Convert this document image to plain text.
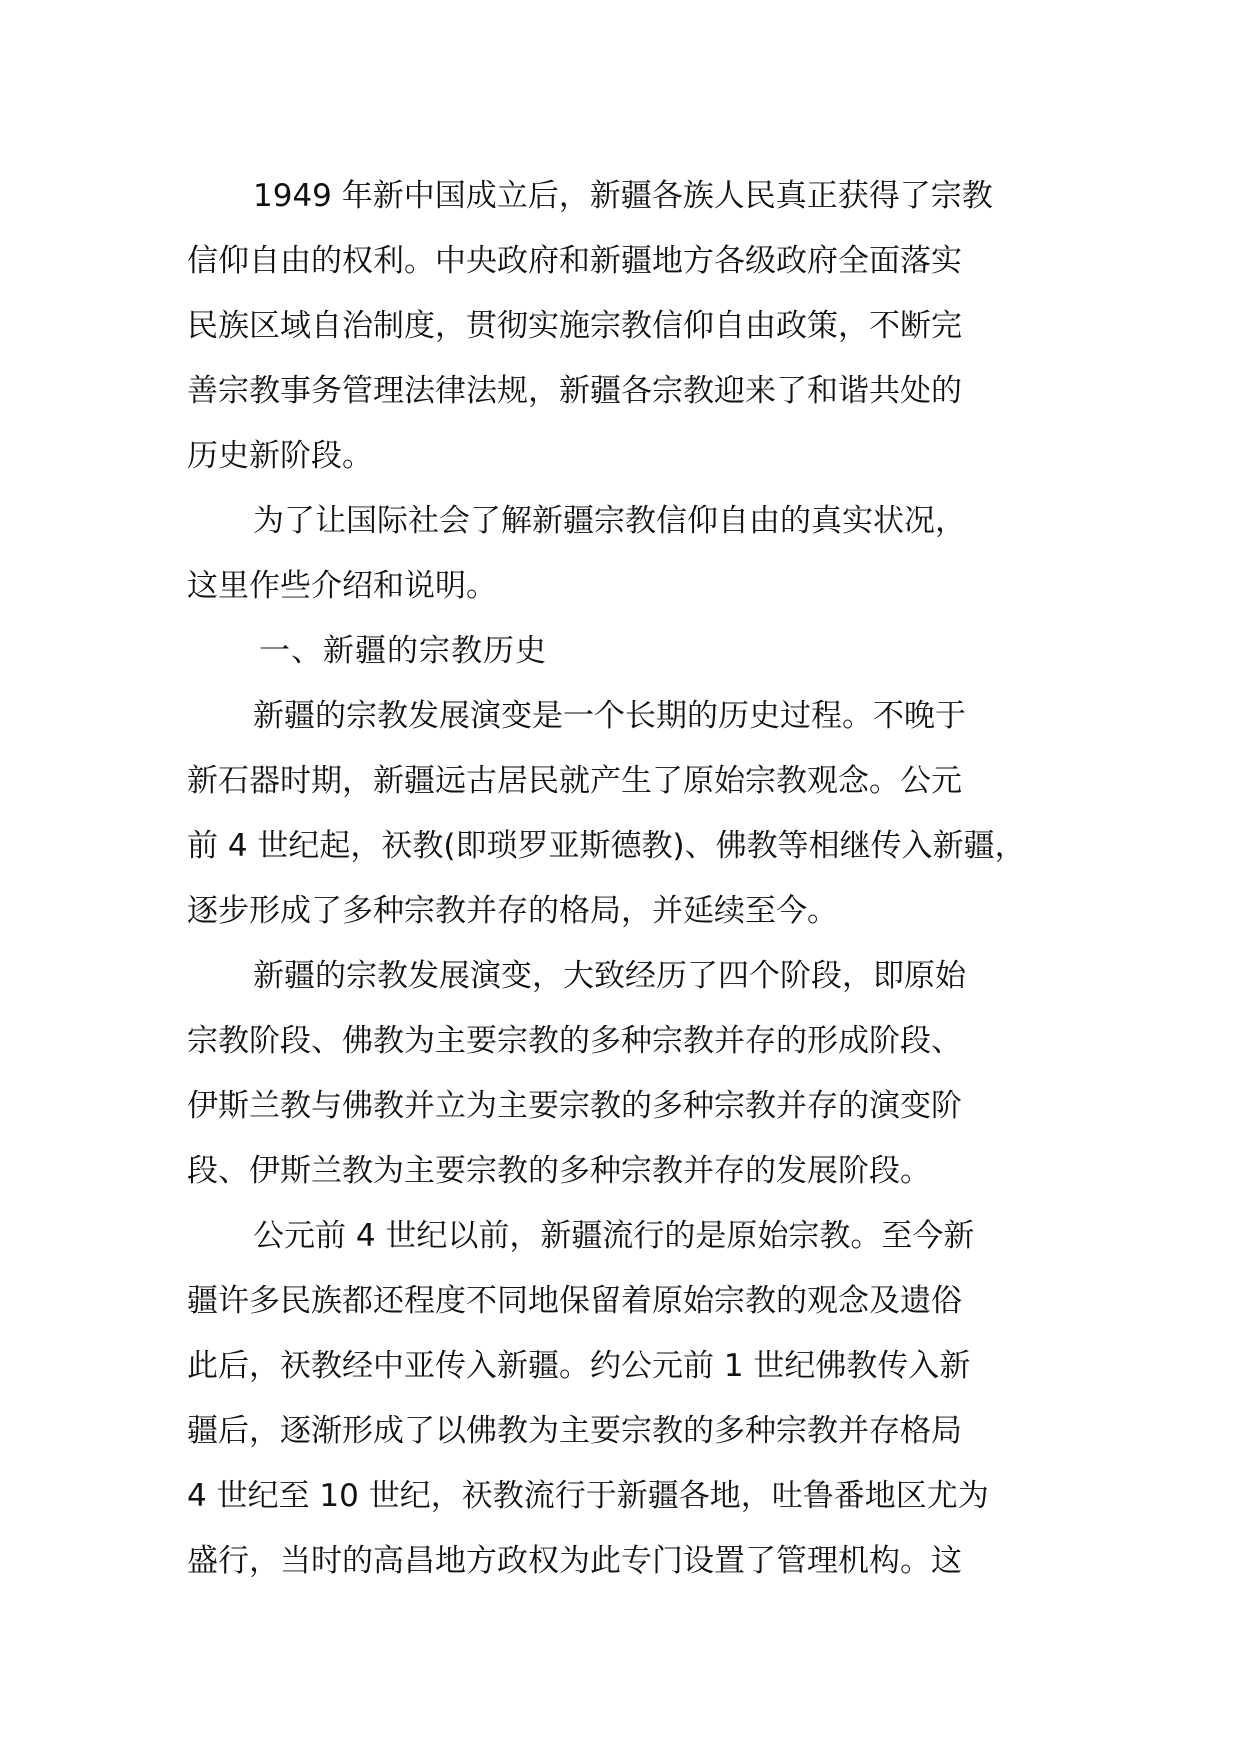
1949 年新中国成立后，新疆各族人民真正获得了宗教
信仰自由的权利。中央政府和新疆地方各级政府全面落实
民族区域自治制度，贯彻实施宗教信仰自由政策，不断完
善宗教事务管理法律法规，新疆各宗教迎来了和谐共处的
历史新阶段。
为了让国际社会了解新疆宗教信仰自由的真实状况，
这里作些介绍和说明。
一、新疆的宗教历史
新疆的宗教发展演变是一个长期的历史过程。不晚于
新石器时期，新疆远古居民就产生了原始宗教观念。公元
前 4 世纪起，祆教(即琐罗亚斯德教)、佛教等相继传入新疆，
逐步形成了多种宗教并存的格局，并延续至今。
新疆的宗教发展演变，大致经历了四个阶段，即原始
宗教阶段、佛教为主要宗教的多种宗教并存的形成阶段、
伊斯兰教与佛教并立为主要宗教的多种宗教并存的演变阶
段、伊斯兰教为主要宗教的多种宗教并存的发展阶段。
公元前 4 世纪以前，新疆流行的是原始宗教。至今新
疆许多民族都还程度不同地保留着原始宗教的观念及遗俗
此后，祆教经中亚传入新疆。约公元前 1 世纪佛教传入新
疆后，逐渐形成了以佛教为主要宗教的多种宗教并存格局
4 世纪至 10 世纪，祆教流行于新疆各地，吐鲁番地区尤为
盛行，当时的高昌地方政权为此专门设置了管理机构。这
